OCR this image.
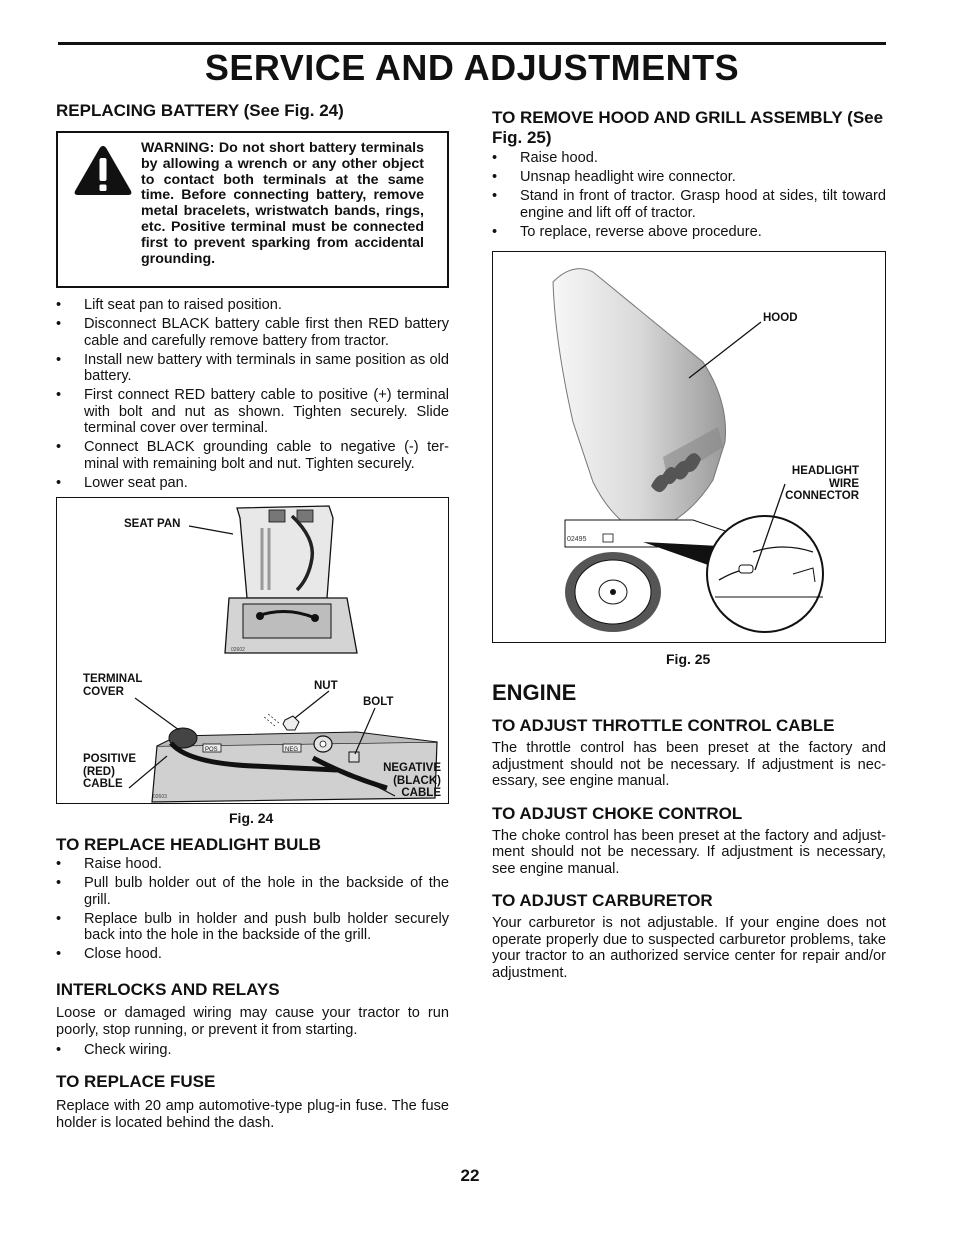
SERVICE AND ADJUSTMENTS
REPLACING BATTERY (See Fig. 24)
WARNING: Do not short battery terminals by allowing a wrench or any other object to contact both terminals at the same time. Before connecting battery, remove metal bracelets, wristwatch bands, rings, etc. Positive terminal must be connected first to prevent sparking from accidental grounding.
• Lift seat pan to raised position.
• Disconnect BLACK battery cable first then RED battery cable and carefully remove battery from tractor.
• Install new battery with terminals in same position as old battery.
• First connect RED battery cable to positive (+) terminal with bolt and nut as shown. Tighten securely. Slide terminal cover over terminal.
• Connect BLACK grounding cable to negative (-) ter-minal with remaining bolt and nut. Tighten securely.
• Lower seat pan.
02602
POS	NEG
02603
SEAT PAN
TERMINAL COVER	NUT
BOLT
POSITIVE (RED) CABLE
NEGATIVE (BLACK) CABLE
Fig. 24
TO REPLACE HEADLIGHT BULB
• Raise hood.
• Pull bulb holder out of the hole in the backside of the grill.
• Replace bulb in holder and push bulb holder securely back into the hole in the backside of the grill.
• Close hood.
INTERLOCKS AND RELAYS

Loose or damaged wiring may cause your tractor to run poorly, stop running, or prevent it from starting.

• Check wiring.
TO REPLACE FUSE

Replace with 20 amp automotive-type plug-in fuse. The fuse holder is located behind the dash.

TO REMOVE HOOD AND GRILL ASSEMBLY (See Fig. 25)
• Raise hood.
• Unsnap headlight wire connector.
• Stand in front of tractor. Grasp hood at sides, tilt toward engine and lift off of tractor.
• To replace, reverse above procedure.
02495
HOOD
HEADLIGHT WIRE CONNECTOR
Fig. 25
ENGINE
TO ADJUST THROTTLE CONTROL CABLE

The throttle control has been preset at the factory and adjustment should not be necessary. If adjustment is nec-essary, see engine manual.

TO ADJUST CHOKE CONTROL

The choke control has been preset at the factory and adjust-ment should not be necessary. If adjustment is necessary, see engine manual.

TO ADJUST CARBURETOR

Your carburetor is not adjustable. If your engine does not operate properly due to suspected carburetor problems, take your tractor to an authorized service center for repair and/or adjustment.

22
